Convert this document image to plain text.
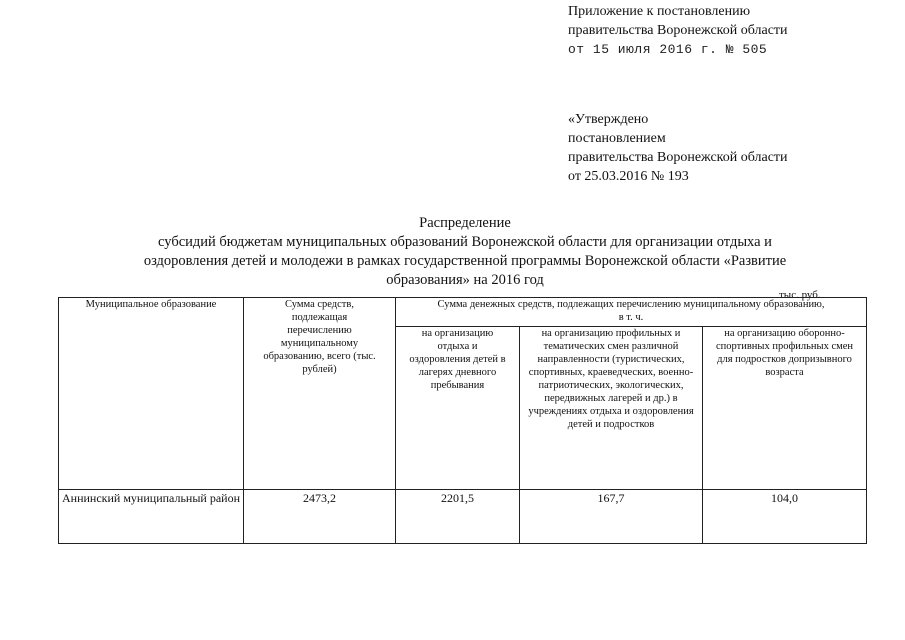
Приложение к постановлению
правительства Воронежской области
от 15 июля 2016 г. № 505
«Утверждено
постановлением
правительства Воронежской области
от 25.03.2016 № 193
Распределение
субсидий бюджетам муниципальных образований Воронежской области для организации отдыха и
оздоровления детей и молодежи в рамках государственной программы Воронежской области «Развитие
образования» на 2016 год
тыс. руб.
Муниципальное образование	Сумма средств, подлежащая перечислению муниципальному образованию, всего (тыс. рублей)	Сумма денежных средств, подлежащих перечислению муниципальному образованию, в т. ч.		
		на организацию отдыха и оздоровления детей в лагерях дневного пребывания	на организацию профильных и тематических смен различной направленности (туристических, спортивных, краеведческих, военно-патриотических, экологических, передвижных лагерей и др.) в учреждениях отдыха и оздоровления детей и подростков	на организацию оборонно-спортивных профильных смен для подростков допризывного возраста
Аннинский муниципальный район	2473,2	2201,5	167,7	104,0
